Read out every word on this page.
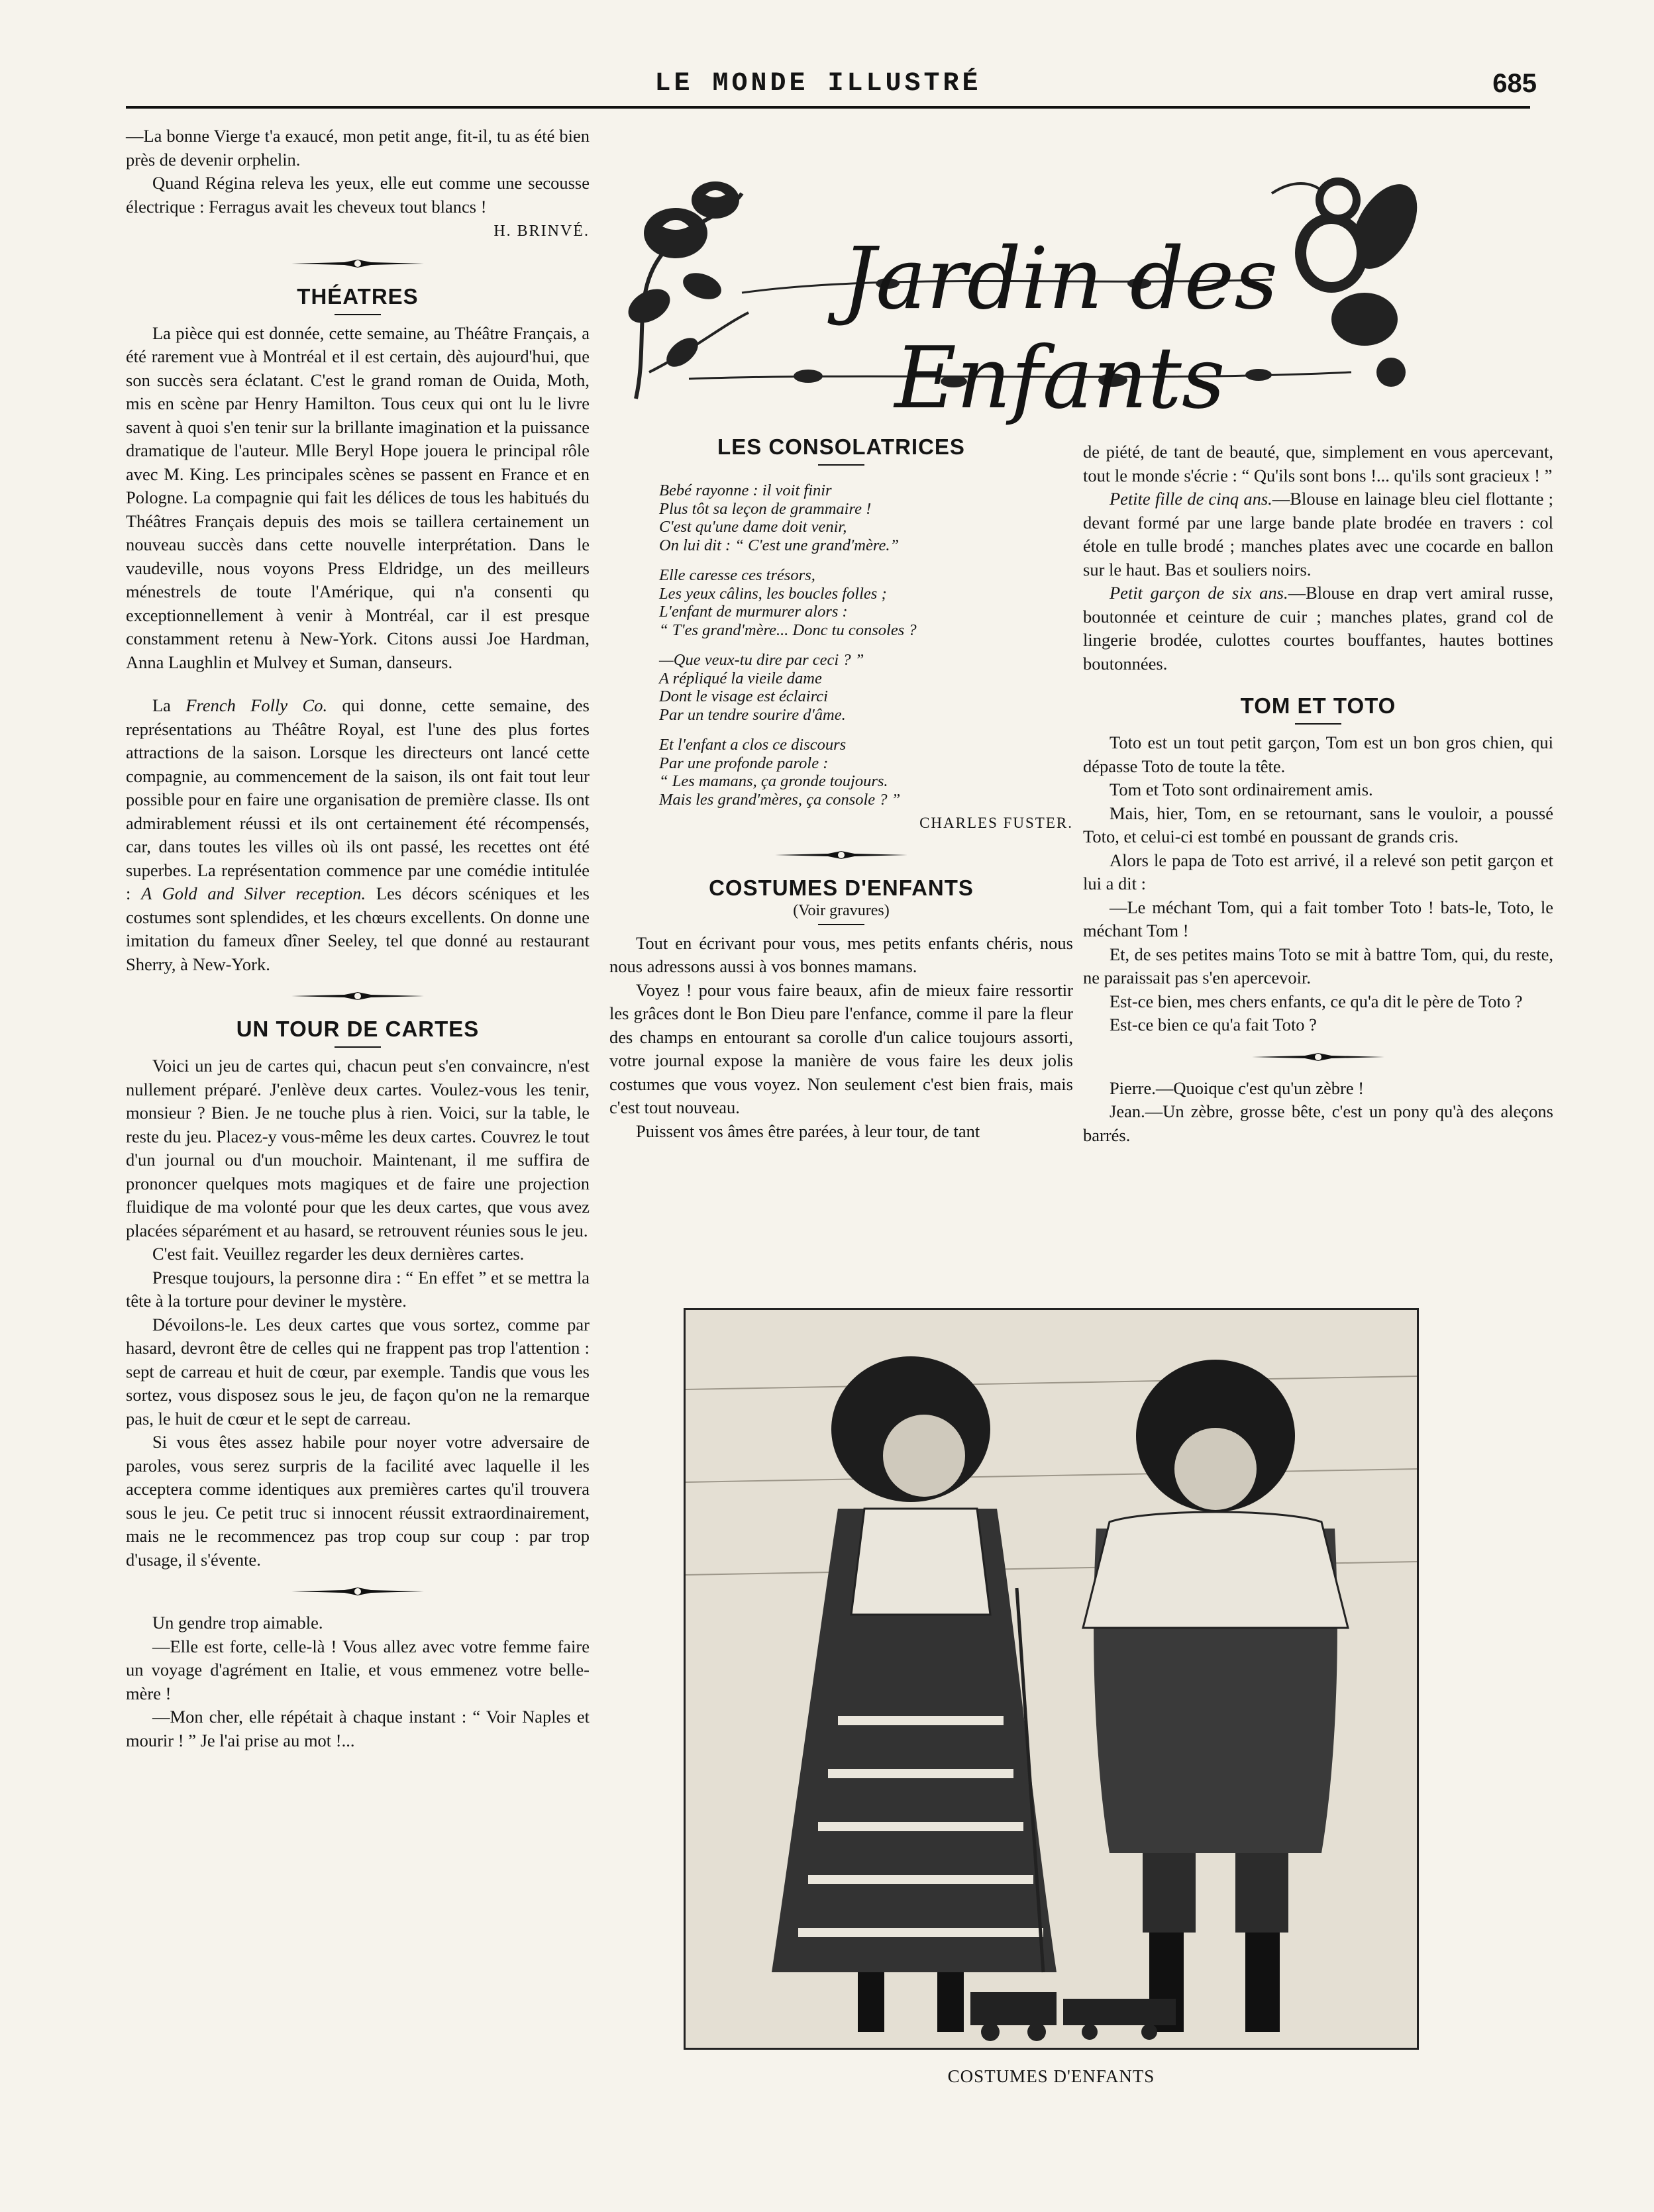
LE MONDE ILLUSTRÉ	685

—La bonne Vierge t'a exaucé, mon petit ange, fit-il, tu as été bien près de devenir orphelin.

Quand Régina releva les yeux, elle eut comme une secousse électrique : Ferragus avait les cheveux tout blancs !

H. BRINVÉ.
THÉATRES

La pièce qui est donnée, cette semaine, au Théâtre Français, a été rarement vue à Montréal et il est certain, dès aujourd'hui, que son succès sera éclatant. C'est le grand roman de Ouida, Moth, mis en scène par Henry Hamilton. Tous ceux qui ont lu le livre savent à quoi s'en tenir sur la brillante imagination et la puissance dramatique de l'auteur. Mlle Beryl Hope jouera le principal rôle avec M. King. Les principales scènes se passent en France et en Pologne. La compagnie qui fait les délices de tous les habitués du Théâtres Français depuis des mois se taillera certainement un nouveau succès dans cette nouvelle interprétation. Dans le vaudeville, nous voyons Press Eldridge, un des meilleurs ménestrels de toute l'Amérique, qui n'a consenti qu exceptionnellement à venir à Montréal, car il est presque constamment retenu à New-York. Citons aussi Joe Hardman, Anna Laughlin et Mulvey et Suman, danseurs.

La French Folly Co. qui donne, cette semaine, des représentations au Théâtre Royal, est l'une des plus fortes attractions de la saison. Lorsque les directeurs ont lancé cette compagnie, au commencement de la saison, ils ont fait tout leur possible pour en faire une organisation de première classe. Ils ont admirablement réussi et ils ont certainement été récompensés, car, dans toutes les villes où ils ont passé, les recettes ont été superbes. La représentation commence par une comédie intitulée : A Gold and Silver reception. Les décors scéniques et les costumes sont splendides, et les chœurs excellents. On donne une imitation du fameux dîner Seeley, tel que donné au restaurant Sherry, à New-York.

UN TOUR DE CARTES

Voici un jeu de cartes qui, chacun peut s'en convaincre, n'est nullement préparé. J'enlève deux cartes. Voulez-vous les tenir, monsieur ? Bien. Je ne touche plus à rien. Voici, sur la table, le reste du jeu. Placez-y vous-même les deux cartes. Couvrez le tout d'un journal ou d'un mouchoir. Maintenant, il me suffira de prononcer quelques mots magiques et de faire une projection fluidique de ma volonté pour que les deux cartes, que vous avez placées séparément et au hasard, se retrouvent réunies sous le jeu.

C'est fait. Veuillez regarder les deux dernières cartes.

Presque toujours, la personne dira : “ En effet ” et se mettra la tête à la torture pour deviner le mystère.

Dévoilons-le. Les deux cartes que vous sortez, comme par hasard, devront être de celles qui ne frappent pas trop l'attention : sept de carreau et huit de cœur, par exemple. Tandis que vous les sortez, vous disposez sous le jeu, de façon qu'on ne la remarque pas, le huit de cœur et le sept de carreau.

Si vous êtes assez habile pour noyer votre adversaire de paroles, vous serez surpris de la facilité avec laquelle il les acceptera comme identiques aux premières cartes qu'il trouvera sous le jeu. Ce petit truc si innocent réussit extraordinairement, mais ne le recommencez pas trop coup sur coup : par trop d'usage, il s'évente.

Un gendre trop aimable.

—Elle est forte, celle-là ! Vous allez avec votre femme faire un voyage d'agrément en Italie, et vous emmenez votre belle-mère !

—Mon cher, elle répétait à chaque instant : “ Voir Naples et mourir ! ” Je l'ai prise au mot !...

Jardin des Enfants
LES CONSOLATRICES
Bebé rayonne : il voit finir
Plus tôt sa leçon de grammaire !
C'est qu'une dame doit venir,
On lui dit : “ C'est une grand'mère.”
Elle caresse ces trésors,
Les yeux câlins, les boucles folles ;
L'enfant de murmurer alors :
“ T'es grand'mère... Donc tu consoles ?
—Que veux-tu dire par ceci ? ”
A répliqué la vieile dame
Dont le visage est éclairci
Par un tendre sourire d'âme.
Et l'enfant a clos ce discours
Par une profonde parole :
“ Les mamans, ça gronde toujours.
Mais les grand'mères, ça console ? ”
CHARLES FUSTER.
COSTUMES D'ENFANTS
(Voir gravures)

Tout en écrivant pour vous, mes petits enfants chéris, nous nous adressons aussi à vos bonnes mamans.

Voyez ! pour vous faire beaux, afin de mieux faire ressortir les grâces dont le Bon Dieu pare l'enfance, comme il pare la fleur des champs en entourant sa corolle d'un calice toujours assorti, votre journal expose la manière de vous faire les deux jolis costumes que vous voyez. Non seulement c'est bien frais, mais c'est tout nouveau.

Puissent vos âmes être parées, à leur tour, de tant

de piété, de tant de beauté, que, simplement en vous apercevant, tout le monde s'écrie : “ Qu'ils sont bons !... qu'ils sont gracieux ! ”

Petite fille de cinq ans.—Blouse en lainage bleu ciel flottante ; devant formé par une large bande plate brodée en travers : col étole en tulle brodé ; manches plates avec une cocarde en ballon sur le haut. Bas et souliers noirs.

Petit garçon de six ans.—Blouse en drap vert amiral russe, boutonnée et ceinture de cuir ; manches plates, grand col de lingerie brodée, culottes courtes bouffantes, hautes bottines boutonnées.

TOM ET TOTO

Toto est un tout petit garçon, Tom est un bon gros chien, qui dépasse Toto de toute la tête.

Tom et Toto sont ordinairement amis.

Mais, hier, Tom, en se retournant, sans le vouloir, a poussé Toto, et celui-ci est tombé en poussant de grands cris.

Alors le papa de Toto est arrivé, il a relevé son petit garçon et lui a dit :

—Le méchant Tom, qui a fait tomber Toto ! bats-le, Toto, le méchant Tom !

Et, de ses petites mains Toto se mit à battre Tom, qui, du reste, ne paraissait pas s'en apercevoir.

Est-ce bien, mes chers enfants, ce qu'a dit le père de Toto ?

Est-ce bien ce qu'a fait Toto ?

Pierre.—Quoique c'est qu'un zèbre !

Jean.—Un zèbre, grosse bête, c'est un pony qu'à des aleçons barrés.

COSTUMES D'ENFANTS
